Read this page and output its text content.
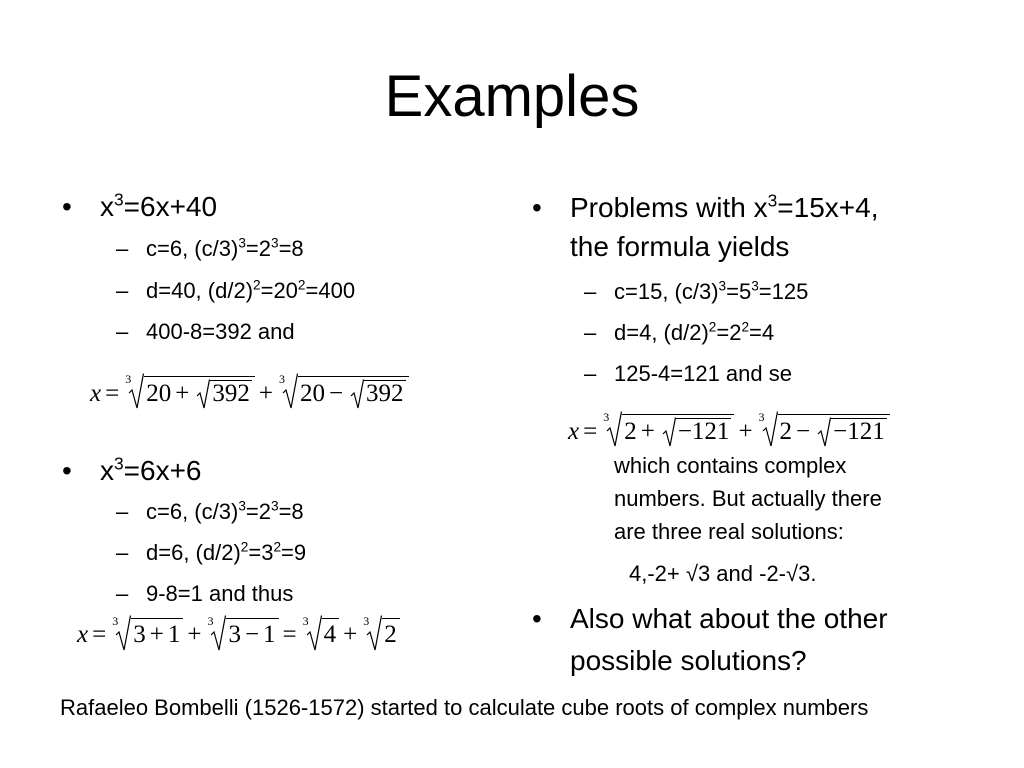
Examples
• $x^3=6x+40$
– c=6, $(c/3)^3=2^3=8$
– d=40, $(d/2)^2=20^2=400$
– 400-8=392 and
x =
3
20 + 392 +
3
20 − 392
• $x^3=6x+6$
– c=6, $(c/3)^3=2^3=8$
– d=6, $(d/2)^2=3^2=9$
– 9-8=1 and thus
x = 3 3 + 1 + 3 3 − 1 = 3 4 + 3 2
• Problems with $x^3=15x+4$,
the formula yields
– c=15, $(c/3)^3=5^3=125$
– d=4, $(d/2)^2=2^2=4$
– 125-4=121 and se
x =
3
2 + −121 +
3
2 − −121
which contains complex
numbers. But actually there
are three real solutions:
4,-2+ √3 and -2-√3.
• Also what about the other
possible solutions?
Rafaeleo Bombelli (1526-1572) started to calculate cube roots of complex numbers
